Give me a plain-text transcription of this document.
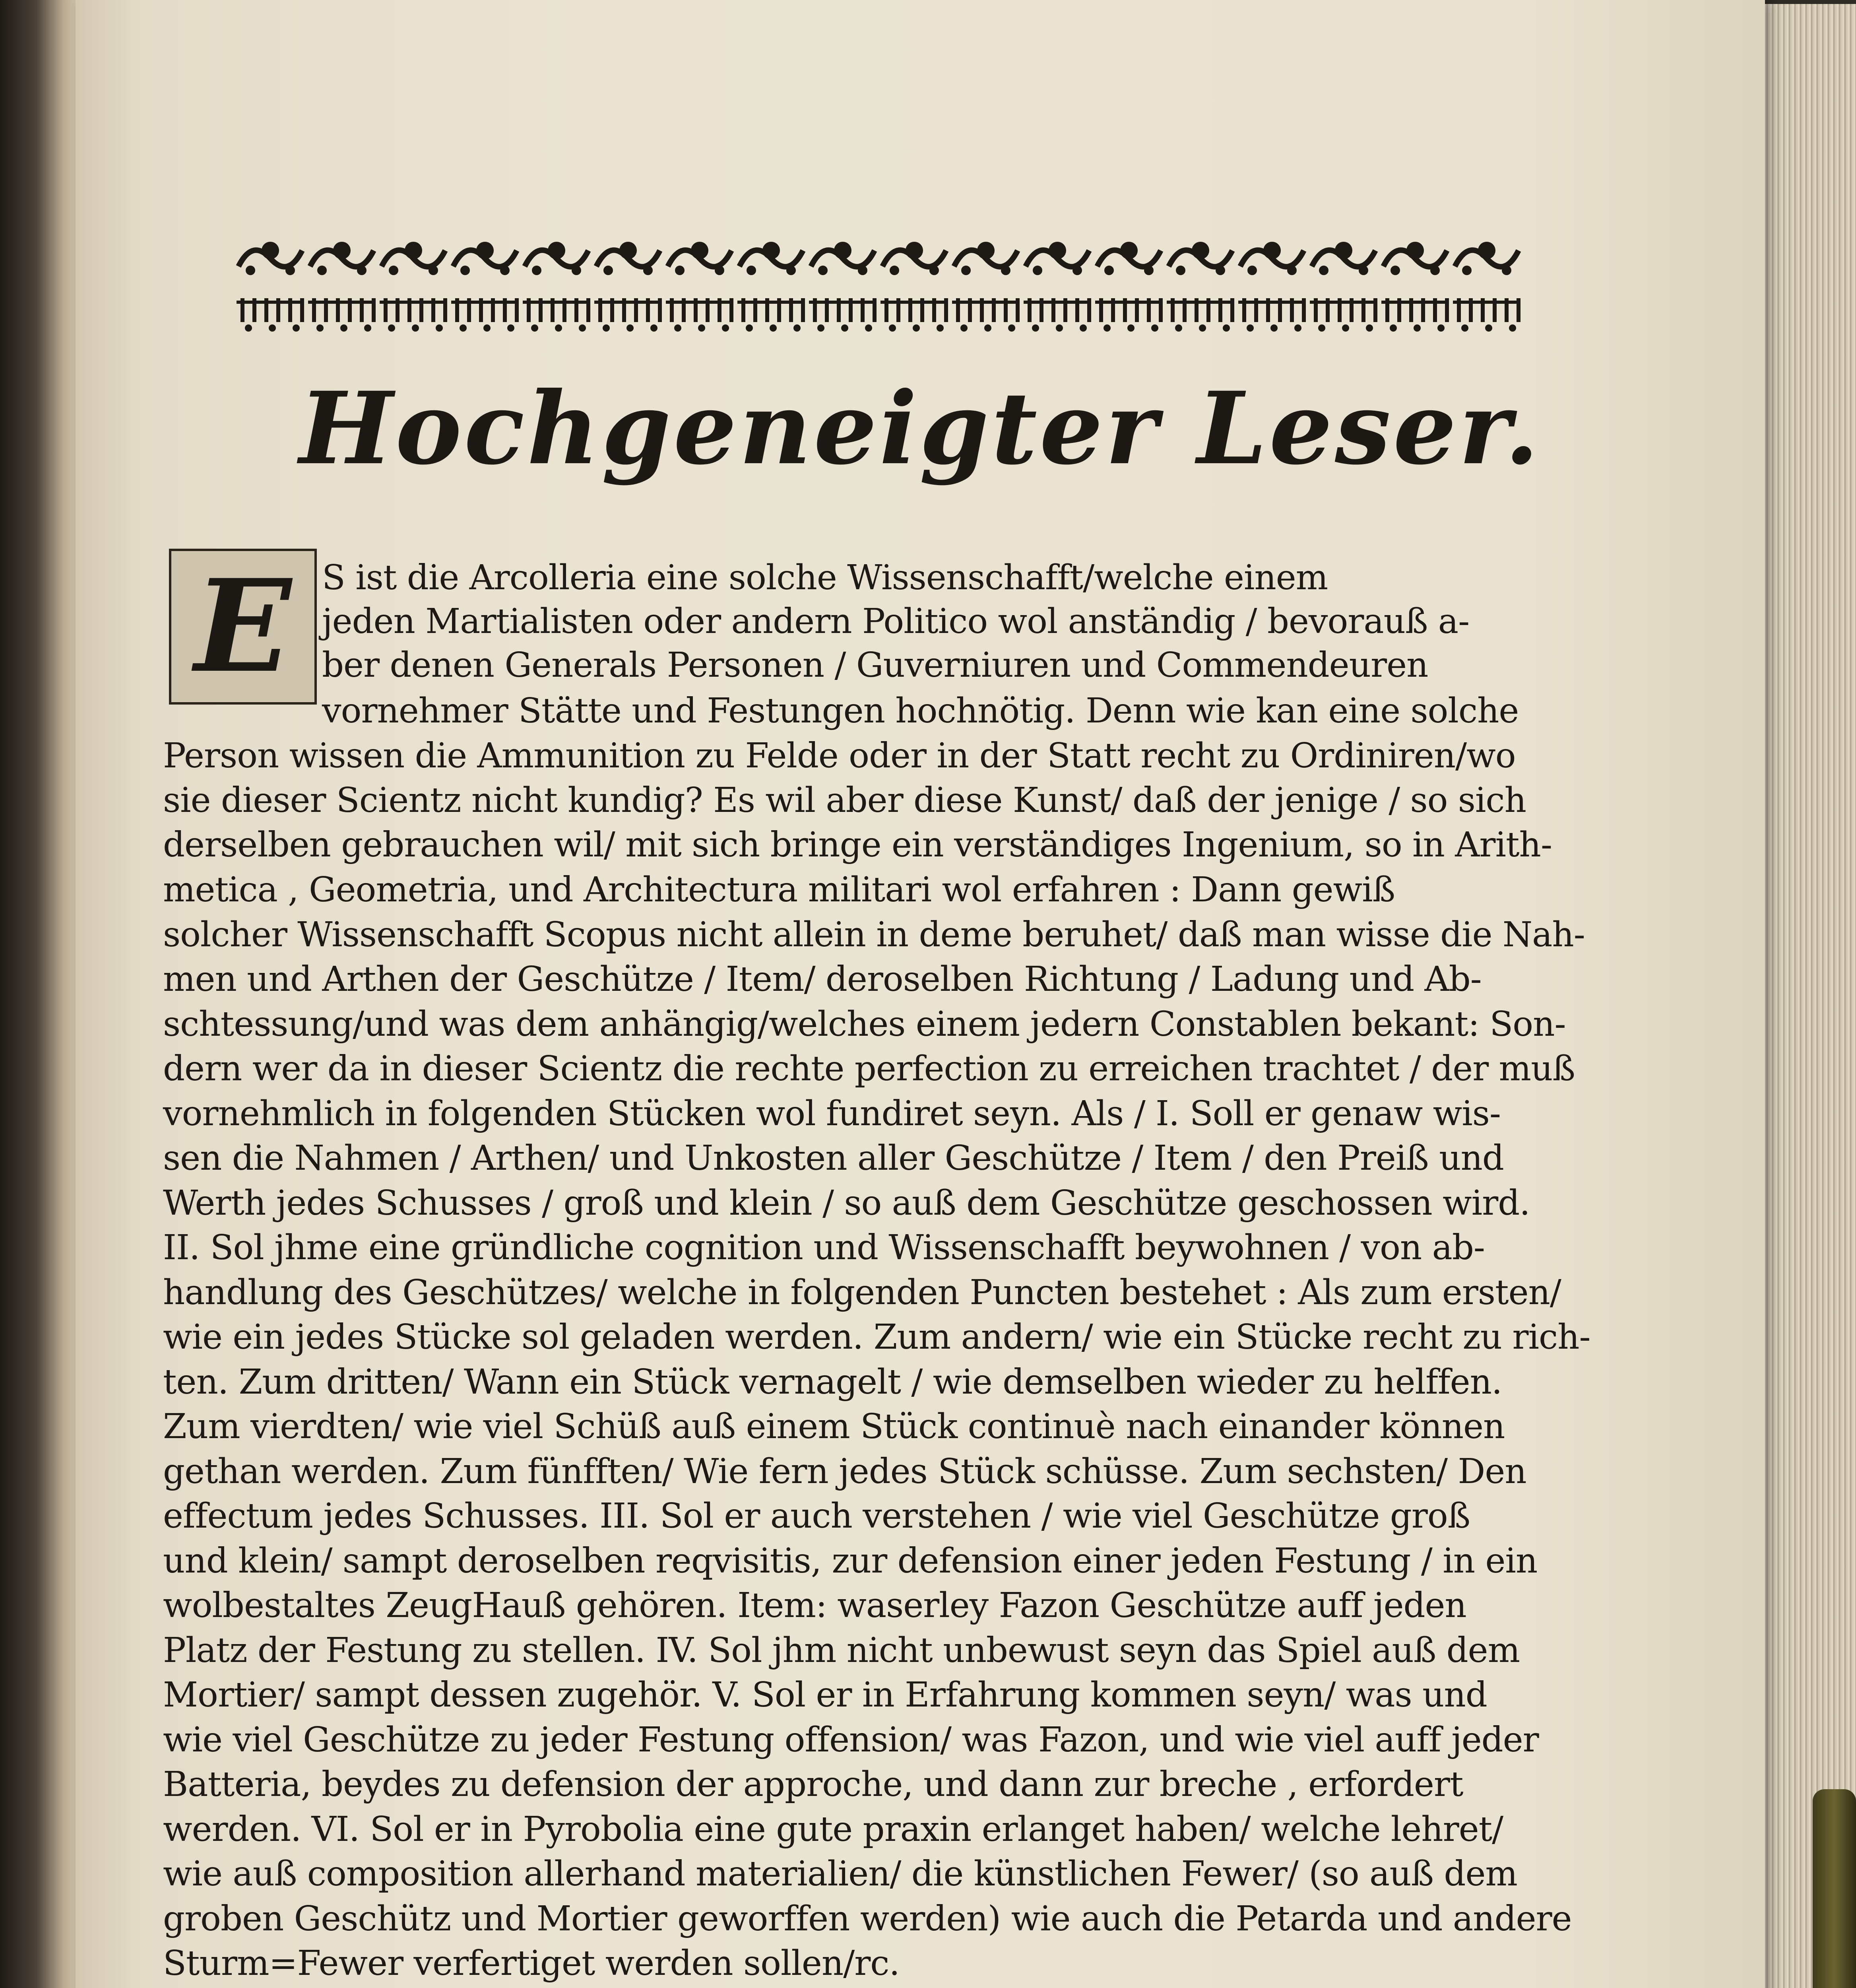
Hochgeneigter Leser.
E S ist die Arcolleria eine solche Wissenschafft/welche einem
jeden Martialisten oder andern Politico wol anständig / bevorauß a-
ber denen Generals Personen / Guverniuren und Commendeuren
vornehmer Stätte und Festungen hochnötig. Denn wie kan eine solche
Person wissen die Ammunition zu Felde oder in der Statt recht zu Ordiniren/wo
sie dieser Scientz nicht kundig? Es wil aber diese Kunst/ daß der jenige / so sich
derselben gebrauchen wil/ mit sich bringe ein verständiges Ingenium, so in Arith-
metica , Geometria, und Architectura militari wol erfahren : Dann gewiß
solcher Wissenschafft Scopus nicht allein in deme beruhet/ daß man wisse die Nah-
men und Arthen der Geschütze / Item/ deroselben Richtung / Ladung und Ab-
schtessung/und was dem anhängig/welches einem jedern Constablen bekant: Son-
dern wer da in dieser Scientz die rechte perfection zu erreichen trachtet / der muß
vornehmlich in folgenden Stücken wol fundiret seyn. Als / I. Soll er genaw wis-
sen die Nahmen / Arthen/ und Unkosten aller Geschütze / Item / den Preiß und
Werth jedes Schusses / groß und klein / so auß dem Geschütze geschossen wird.
II. Sol jhme eine gründliche cognition und Wissenschafft beywohnen / von ab-
handlung des Geschützes/ welche in folgenden Puncten bestehet : Als zum ersten/
wie ein jedes Stücke sol geladen werden. Zum andern/ wie ein Stücke recht zu rich-
ten. Zum dritten/ Wann ein Stück vernagelt / wie demselben wieder zu helffen.
Zum vierdten/ wie viel Schüß auß einem Stück continuè nach einander können
gethan werden. Zum fünfften/ Wie fern jedes Stück schüsse. Zum sechsten/ Den
effectum jedes Schusses. III. Sol er auch verstehen / wie viel Geschütze groß
und klein/ sampt deroselben reqvisitis, zur defension einer jeden Festung / in ein
wolbestaltes ZeugHauß gehören. Item: waserley Fazon Geschütze auff jeden
Platz der Festung zu stellen. IV. Sol jhm nicht unbewust seyn das Spiel auß dem
Mortier/ sampt dessen zugehör. V. Sol er in Erfahrung kommen seyn/ was und
wie viel Geschütze zu jeder Festung offension/ was Fazon, und wie viel auff jeder
Batteria, beydes zu defension der approche, und dann zur breche , erfordert
werden. VI. Sol er in Pyrobolia eine gute praxin erlanget haben/ welche lehret/
wie auß composition allerhand materialien/ die künstlichen Fewer/ (so auß dem
groben Geschütz und Mortier geworffen werden) wie auch die Petarda und andere
Sturm=Fewer verfertiget werden sollen/rc.
